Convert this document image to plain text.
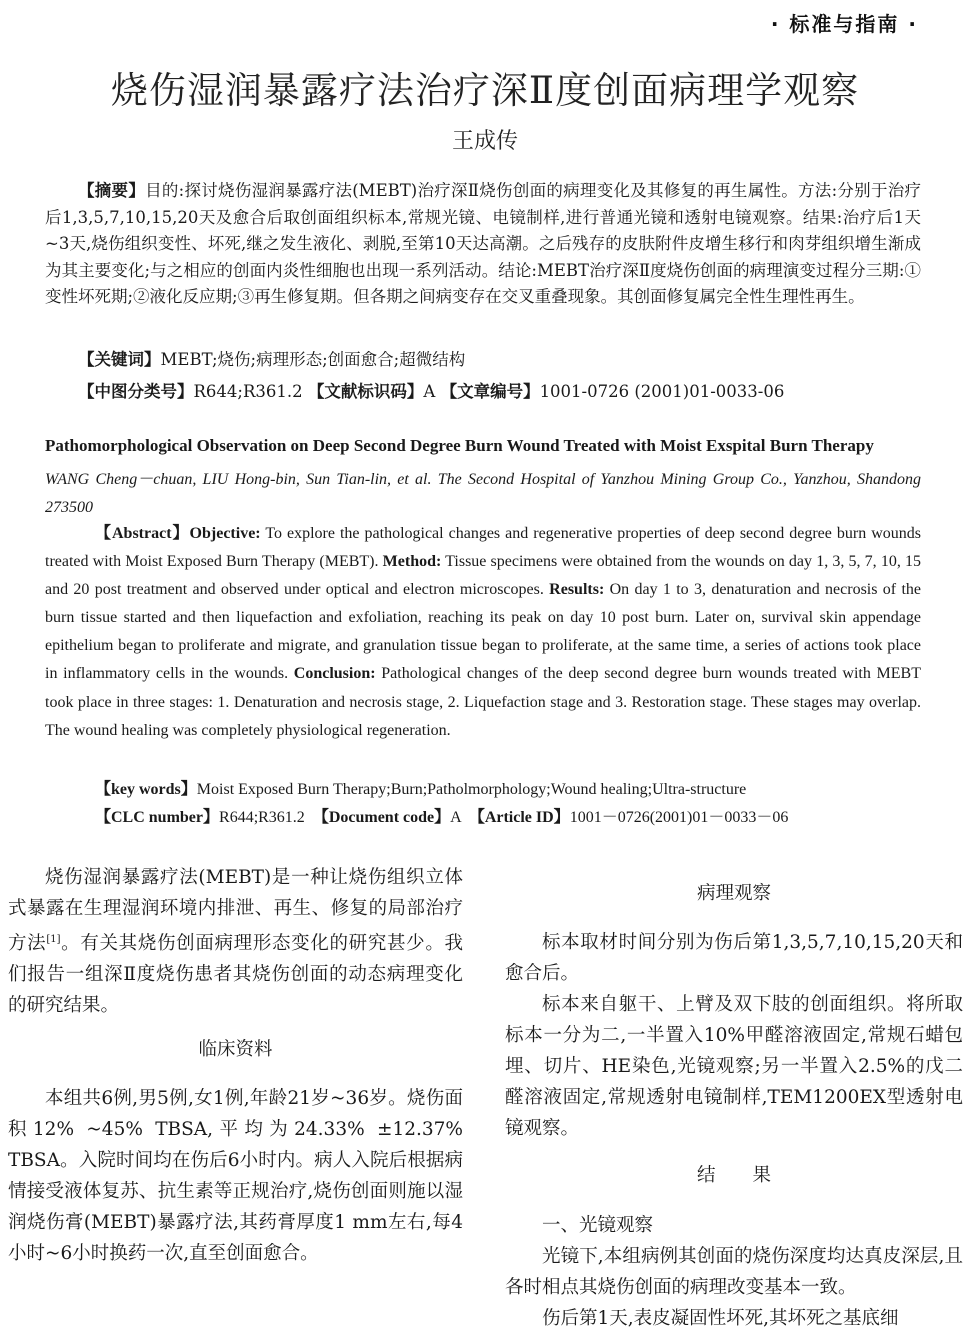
· 标准与指南 ·
烧伤湿润暴露疗法治疗深Ⅱ度创面病理学观察
王成传
【摘要】目的:探讨烧伤湿润暴露疗法(MEBT)治疗深Ⅱ烧伤创面的病理变化及其修复的再生属性。方法:分别于治疗后1,3,5,7,10,15,20天及愈合后取创面组织标本,常规光镜、电镜制样,进行普通光镜和透射电镜观察。结果:治疗后1天~3天,烧伤组织变性、坏死,继之发生液化、剥脱,至第10天达高潮。之后残存的皮肤附件皮增生移行和肉芽组织增生渐成为其主要变化;与之相应的创面内炎性细胞也出现一系列活动。结论:MEBT治疗深Ⅱ度烧伤创面的病理演变过程分三期:①变性坏死期;②液化反应期;③再生修复期。但各期之间病变存在交叉重叠现象。其创面修复属完全性生理性再生。
【关键词】MEBT;烧伤;病理形态;创面愈合;超微结构
【中图分类号】R644;R361.2 【文献标识码】A 【文章编号】1001-0726 (2001)01-0033-06
Pathomorphological Observation on Deep Second Degree Burn Wound Treated with Moist Exspital Burn Therapy
WANG Cheng－chuan, LIU Hong-bin, Sun Tian-lin, et al. The Second Hospital of Yanzhou Mining Group Co., Yanzhou, Shandong 273500
【Abstract】Objective: To explore the pathological changes and regenerative properties of deep second degree burn wounds treated with Moist Exposed Burn Therapy (MEBT). Method: Tissue specimens were obtained from the wounds on day 1, 3, 5, 7, 10, 15 and 20 post treatment and observed under optical and electron microscopes. Results: On day 1 to 3, denaturation and necrosis of the burn tissue started and then liquefaction and exfoliation, reaching its peak on day 10 post burn. Later on, survival skin appendage epithelium began to proliferate and migrate, and granulation tissue began to proliferate, at the same time, a series of actions took place in inflammatory cells in the wounds. Conclusion: Pathological changes of the deep second degree burn wounds treated with MEBT took place in three stages: 1. Denaturation and necrosis stage, 2. Liquefaction stage and 3. Restoration stage. These stages may overlap. The wound healing was completely physiological regeneration.
【key words】Moist Exposed Burn Therapy;Burn;Patholmorphology;Wound healing;Ultra-structure
【CLC number】R644;R361.2 【Document code】A 【Article ID】1001－0726(2001)01－0033－06

烧伤湿润暴露疗法(MEBT)是一种让烧伤组织立体式暴露在生理湿润环境内排泄、再生、修复的局部治疗方法[1]。有关其烧伤创面病理形态变化的研究甚少。我们报告一组深Ⅱ度烧伤患者其烧伤创面的动态病理变化的研究结果。

临床资料

本组共6例,男5例,女1例,年龄21岁~36岁。烧伤面积12% ~45% TBSA,平均为24.33% ±12.37% TBSA。入院时间均在伤后6小时内。病人入院后根据病情接受液体复苏、抗生素等正规治疗,烧伤创面则施以湿润烧伤膏(MEBT)暴露疗法,其药膏厚度1 mm左右,每4小时~6小时换药一次,直至创面愈合。

病理观察

标本取材时间分别为伤后第1,3,5,7,10,15,20天和愈合后。

标本来自躯干、上臂及双下肢的创面组织。将所取标本一分为二,一半置入10%甲醛溶液固定,常规石蜡包埋、切片、HE染色,光镜观察;另一半置入2.5%的戊二醛溶液固定,常规透射电镜制样,TEM1200EX型透射电镜观察。

结　　果

一、光镜观察

光镜下,本组病例其创面的烧伤深度均达真皮深层,且各时相点其烧伤创面的病理改变基本一致。

伤后第1天,表皮凝固性坏死,其坏死之基底细
